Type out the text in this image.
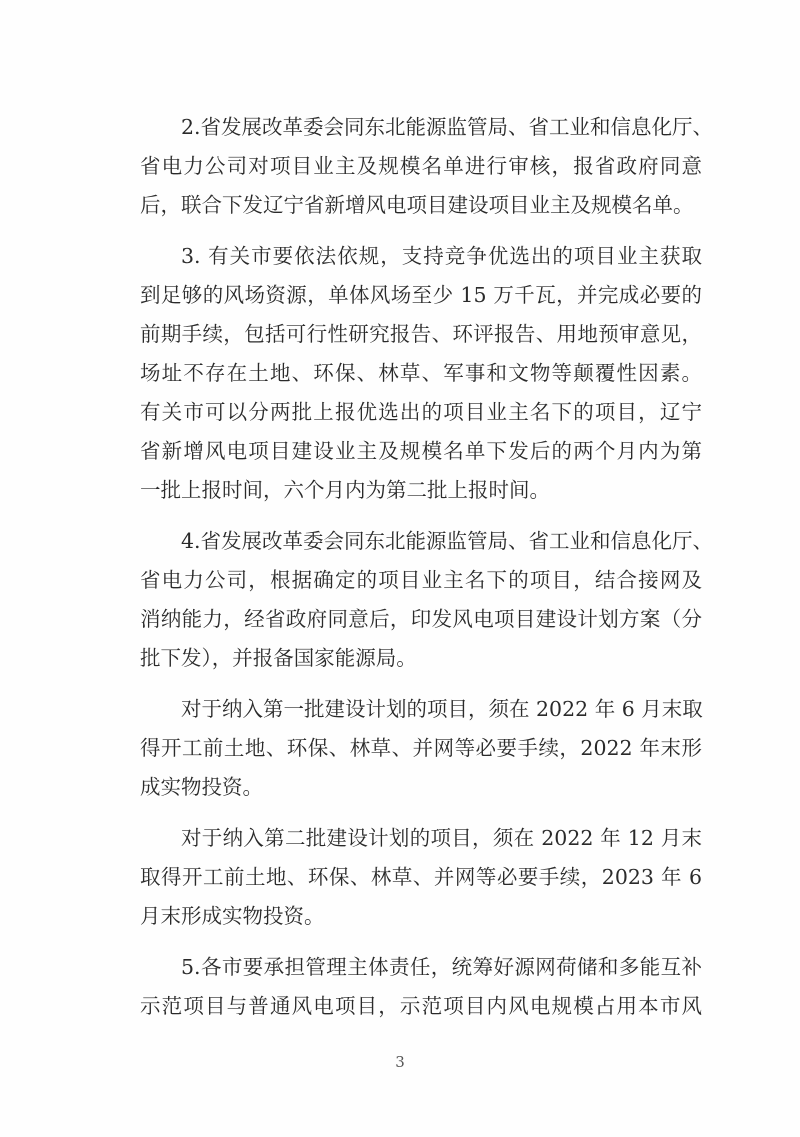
2.省发展改革委会同东北能源监管局、省工业和信息化厅、
省电力公司对项目业主及规模名单进行审核，报省政府同意
后，联合下发辽宁省新增风电项目建设项目业主及规模名单。
3. 有关市要依法依规，支持竞争优选出的项目业主获取
到足够的风场资源，单体风场至少 15 万千瓦，并完成必要的
前期手续，包括可行性研究报告、环评报告、用地预审意见，
场址不存在土地、环保、林草、军事和文物等颠覆性因素。
有关市可以分两批上报优选出的项目业主名下的项目，辽宁
省新增风电项目建设业主及规模名单下发后的两个月内为第
一批上报时间，六个月内为第二批上报时间。
4.省发展改革委会同东北能源监管局、省工业和信息化厅、
省电力公司，根据确定的项目业主名下的项目，结合接网及
消纳能力，经省政府同意后，印发风电项目建设计划方案（分
批下发），并报备国家能源局。
对于纳入第一批建设计划的项目，须在 2022 年 6 月末取
得开工前土地、环保、林草、并网等必要手续，2022 年末形
成实物投资。
对于纳入第二批建设计划的项目，须在 2022 年 12 月末
取得开工前土地、环保、林草、并网等必要手续，2023 年 6
月末形成实物投资。
5.各市要承担管理主体责任，统筹好源网荷储和多能互补
示范项目与普通风电项目，示范项目内风电规模占用本市风
3
